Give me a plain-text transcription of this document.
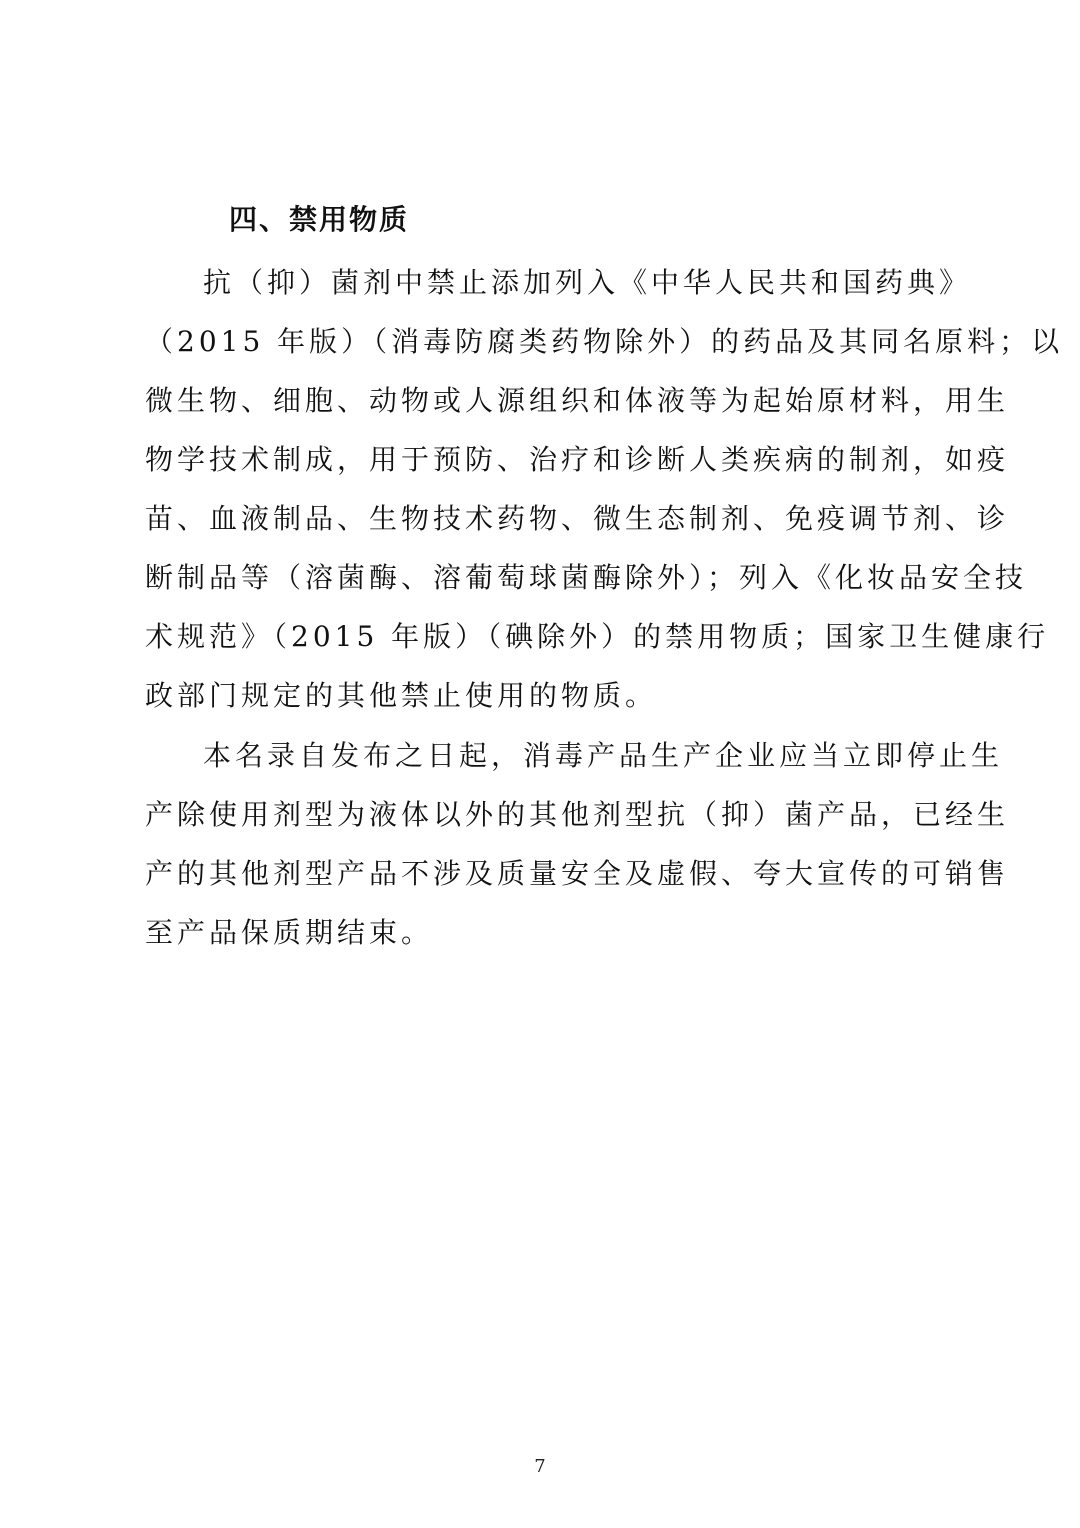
四、禁用物质
抗（抑）菌剂中禁止添加列入《中华人民共和国药典》
（2015 年版）（消毒防腐类药物除外）的药品及其同名原料；以
微生物、细胞、动物或人源组织和体液等为起始原材料，用生
物学技术制成，用于预防、治疗和诊断人类疾病的制剂，如疫
苗、血液制品、生物技术药物、微生态制剂、免疫调节剂、诊
断制品等（溶菌酶、溶葡萄球菌酶除外）；列入《化妆品安全技
术规范》（2015 年版）（碘除外）的禁用物质；国家卫生健康行
政部门规定的其他禁止使用的物质。
本名录自发布之日起，消毒产品生产企业应当立即停止生
产除使用剂型为液体以外的其他剂型抗（抑）菌产品，已经生
产的其他剂型产品不涉及质量安全及虚假、夸大宣传的可销售
至产品保质期结束。
7
